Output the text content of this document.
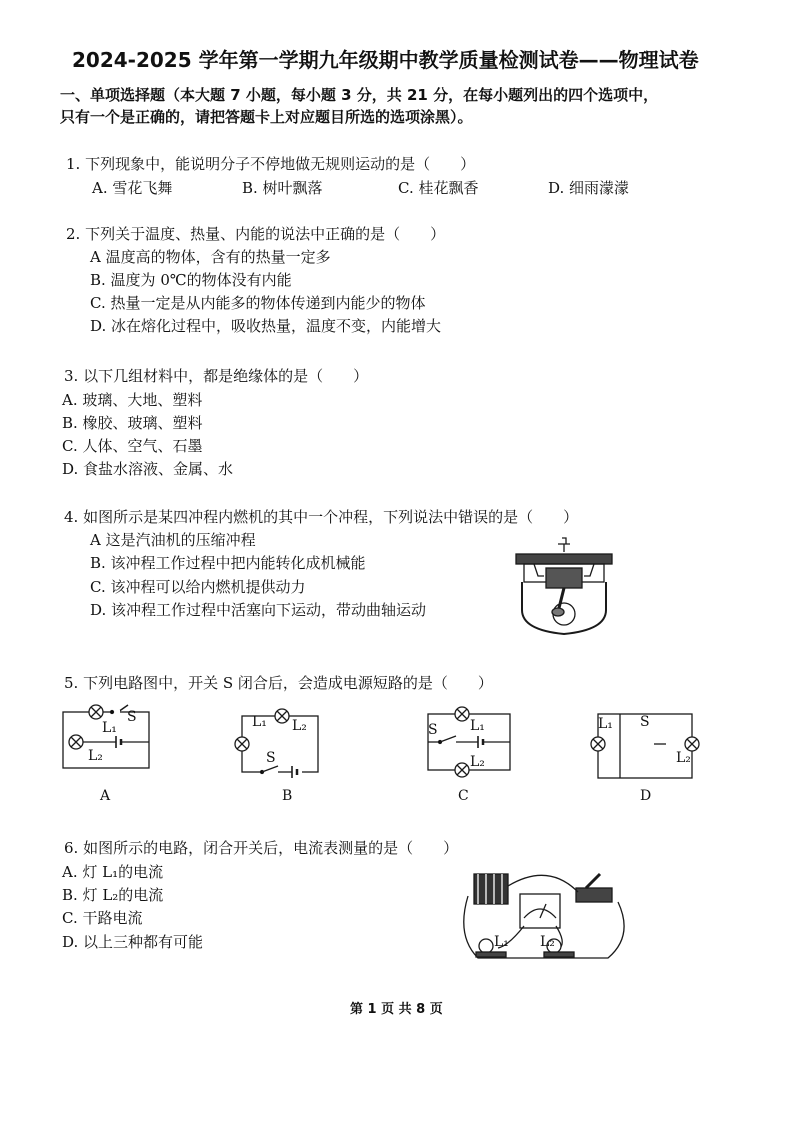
2024-2025 学年第一学期九年级期中教学质量检测试卷——物理试卷
一、单项选择题（本大题 7 小题，每小题 3 分，共 21 分，在每小题列出的四个选项中，
只有一个是正确的，请把答题卡上对应题目所选的选项涂黑）。
1. 下列现象中，能说明分子不停地做无规则运动的是（　　）
A. 雪花飞舞	B. 树叶飘落	C. 桂花飘香	D. 细雨濛濛
2. 下列关于温度、热量、内能的说法中正确的是（　　）
A 温度高的物体，含有的热量一定多
B. 温度为 0℃的物体没有内能
C. 热量一定是从内能多的物体传递到内能少的物体
D. 冰在熔化过程中，吸收热量，温度不变，内能增大
3. 以下几组材料中，都是绝缘体的是（　　）
A. 玻璃、大地、塑料
B. 橡胶、玻璃、塑料
C. 人体、空气、石墨
D. 食盐水溶液、金属、水
4. 如图所示是某四冲程内燃机的其中一个冲程，下列说法中错误的是（　　）
A 这是汽油机的压缩冲程
B. 该冲程工作过程中把内能转化成机械能
C. 该冲程可以给内燃机提供动力
D. 该冲程工作过程中活塞向下运动，带动曲轴运动
5. 下列电路图中，开关 S 闭合后，会造成电源短路的是（　　）
S
L₁
L₂
A
L₁ L₂
S
B
L₁
S
L₂
C
L₁ S
L₂
D
6. 如图所示的电路，闭合开关后，电流表测量的是（　　）
A. 灯 L₁的电流
B. 灯 L₂的电流
C. 干路电流
D. 以上三种都有可能	L₁ L₂
第 1 页 共 8 页
